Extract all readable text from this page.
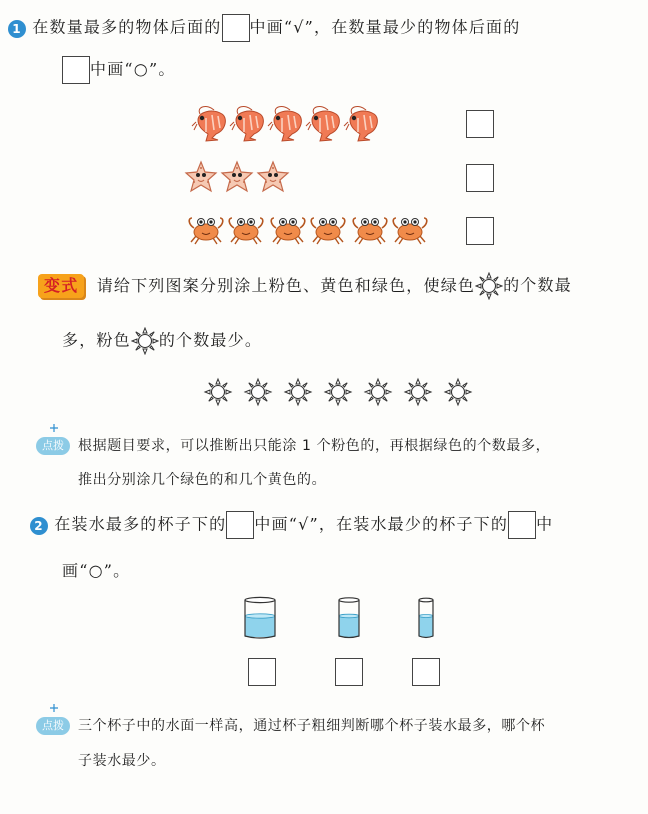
1 在数量最多的物体后面的 中画“√”，在数量最少的物体后面的
中画“○”。
变式 请给下列图案分别涂上粉色、黄色和绿色，使绿色 的个数最
多，粉色 的个数最少。
点拨	根据题目要求，可以推断出只能涂 1 个粉色的，再根据绿色的个数最多，
推出分别涂几个绿色的和几个黄色的。
2 在装水最多的杯子下的 中画“√”，在装水最少的杯子下的 中
画“○”。
点拨	三个杯子中的水面一样高，通过杯子粗细判断哪个杯子装水最多，哪个杯
子装水最少。
